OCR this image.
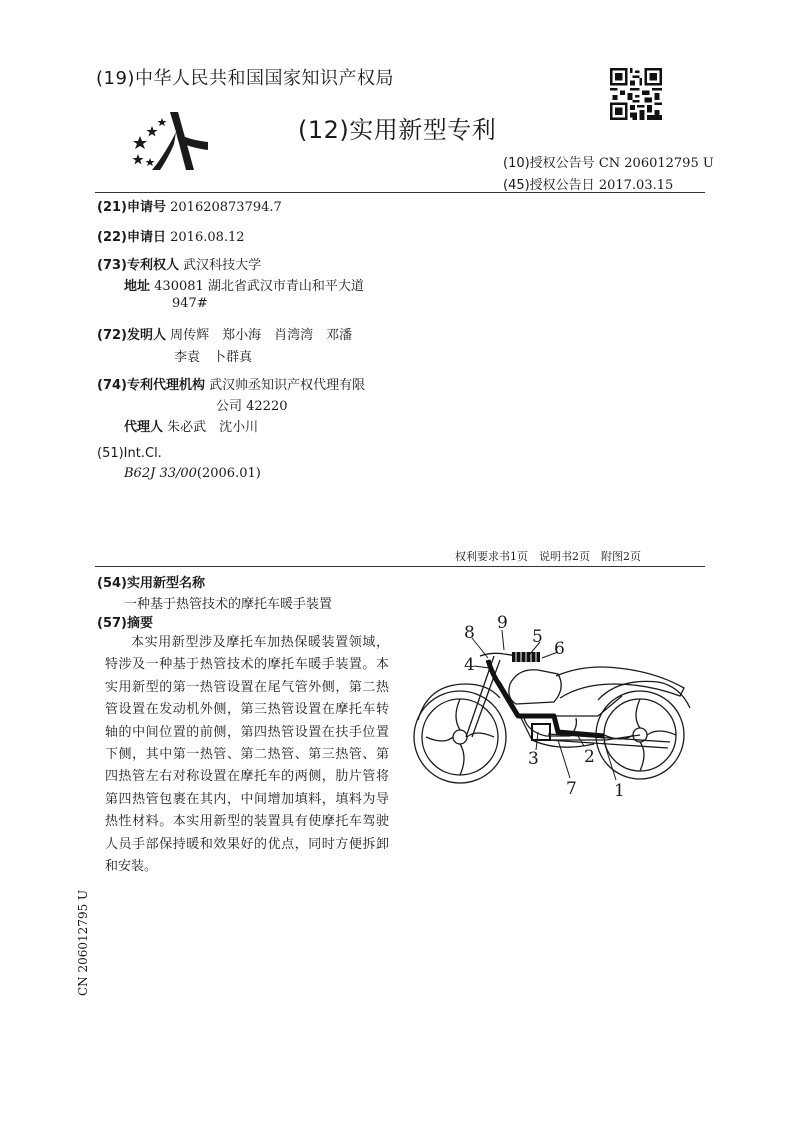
(19)中华人民共和国国家知识产权局
(12)实用新型专利
(10)授权公告号 CN 206012795 U
(45)授权公告日 2017.03.15
(21)申请号 201620873794.7
(22)申请日 2016.08.12
(73)专利权人 武汉科技大学
地址 430081 湖北省武汉市青山和平大道
947#
(72)发明人 周传辉　郑小海　肖湾湾　邓潘
李袁　卜群真
(74)专利代理机构 武汉帅丞知识产权代理有限
公司 42220
代理人 朱必武　沈小川
(51)Int.Cl.
B62J 33/00(2006.01)
权利要求书1页　说明书2页　附图2页
(54)实用新型名称
一种基于热管技术的摩托车暖手装置
(57)摘要
本实用新型涉及摩托车加热保暖装置领域，特涉及一种基于热管技术的摩托车暖手装置。本实用新型的第一热管设置在尾气管外侧，第二热管设置在发动机外侧，第三热管设置在摩托车转轴的中间位置的前侧，第四热管设置在扶手位置下侧，其中第一热管、第二热管、第三热管、第四热管左右对称设置在摩托车的两侧，肋片管将第四热管包裹在其内，中间增加填料，填料为导热性材料。本实用新型的装置具有使摩托车驾驶人员手部保持暖和效果好的优点，同时方便拆卸和安装。
8 9
5
6
4
3	2
7 1
CN 206012795 U
